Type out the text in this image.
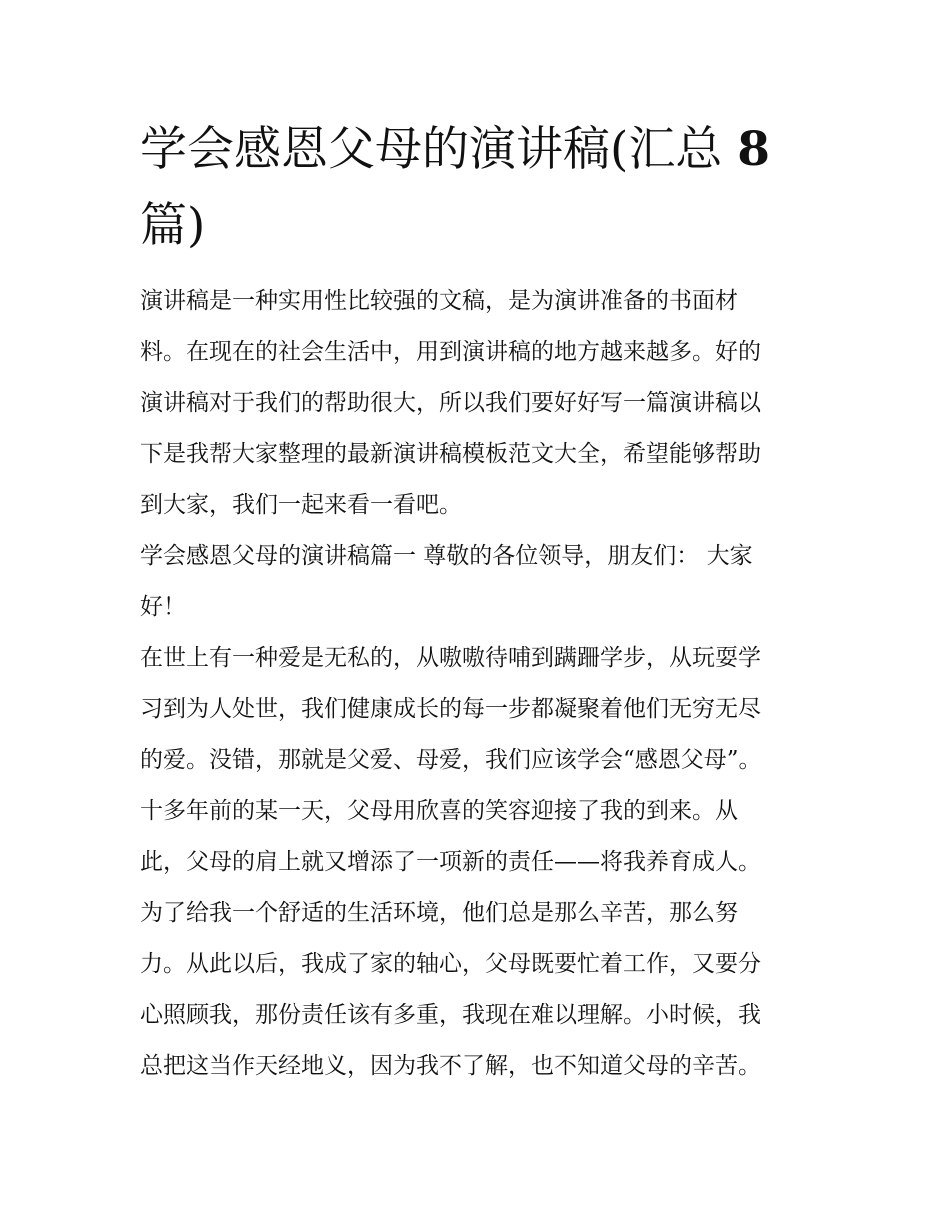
学会感恩父母的演讲稿(汇总 8
篇)
演讲稿是一种实用性比较强的文稿，是为演讲准备的书面材
料。在现在的社会生活中，用到演讲稿的地方越来越多。好的
演讲稿对于我们的帮助很大，所以我们要好好写一篇演讲稿以
下是我帮大家整理的最新演讲稿模板范文大全，希望能够帮助
到大家，我们一起来看一看吧。
学会感恩父母的演讲稿篇一 尊敬的各位领导，朋友们： 大家
好！
在世上有一种爱是无私的，从嗷嗷待哺到蹒跚学步，从玩耍学
习到为人处世，我们健康成长的每一步都凝聚着他们无穷无尽
的爱。没错，那就是父爱、母爱，我们应该学会“感恩父母”。
十多年前的某一天，父母用欣喜的笑容迎接了我的到来。从
此，父母的肩上就又增添了一项新的责任——将我养育成人。
为了给我一个舒适的生活环境，他们总是那么辛苦，那么努
力。从此以后，我成了家的轴心，父母既要忙着工作，又要分
心照顾我，那份责任该有多重，我现在难以理解。小时候，我
总把这当作天经地义，因为我不了解，也不知道父母的辛苦。
